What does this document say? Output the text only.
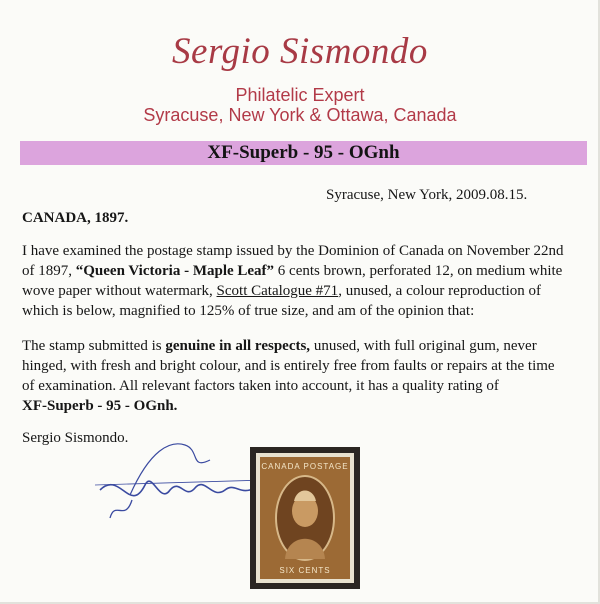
Sergio Sismondo
Philatelic Expert
Syracuse, New York & Ottawa, Canada
XF-Superb - 95 - OGnh
Syracuse, New York, 2009.08.15.
CANADA, 1897.
I have examined the postage stamp issued by the Dominion of Canada on November 22nd
of 1897, “Queen Victoria - Maple Leaf” 6 cents brown, perforated 12, on medium white
wove paper without watermark, Scott Catalogue #71, unused, a colour reproduction of
which is below, magnified to 125% of true size, and am of the opinion that:
The stamp submitted is genuine in all respects, unused, with full original gum, never
hinged, with fresh and bright colour, and is entirely free from faults or repairs at the time
of examination. All relevant factors taken into account, it has a quality rating of
XF-Superb - 95 - OGnh.
Sergio Sismondo.
CANADA POSTAGE
SIX CENTS
